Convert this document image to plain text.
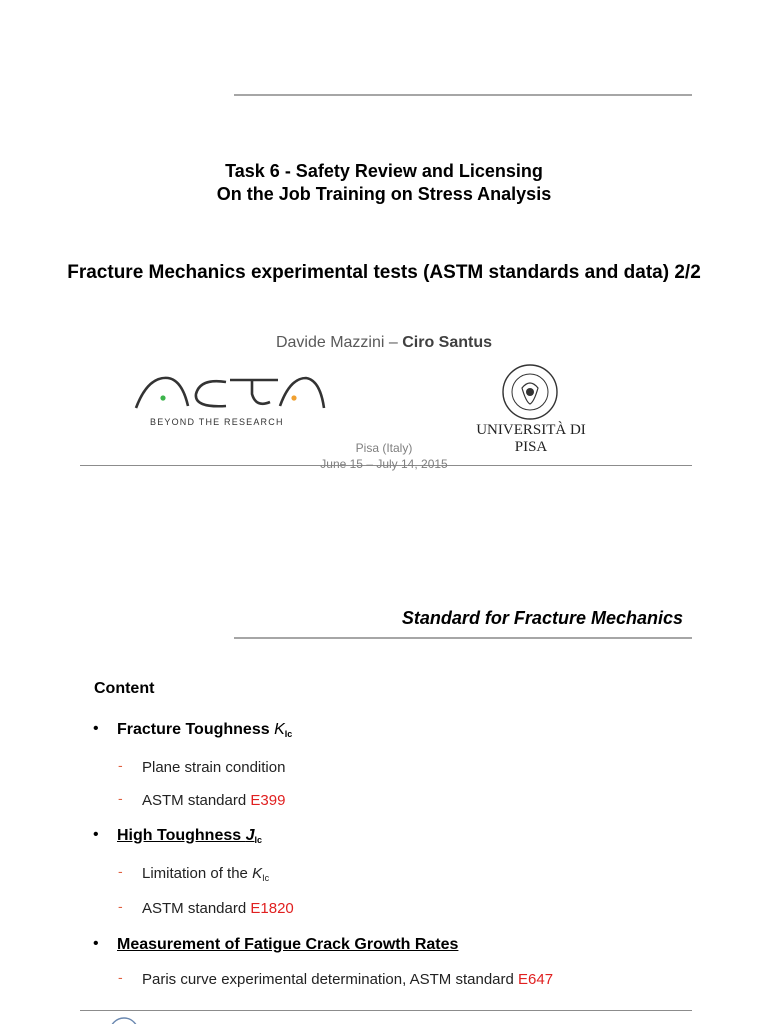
Task 6 - Safety Review and Licensing
On the Job Training on Stress Analysis
Fracture Mechanics experimental tests (ASTM standards and data) 2/2
Davide Mazzini – Ciro Santus
BEYOND THE RESEARCH	UNIVERSITÀ DI PISA
Pisa (Italy)
June 15 – July 14, 2015
Standard for Fracture Mechanics
Content
• Fracture Toughness $K_{Ic}$
- Plane strain condition
- ASTM standard E399
• High Toughness $J_{Ic}$
- Limitation of the $K_{Ic}$
- ASTM standard E1820
• Measurement of Fatigue Crack Growth Rates
- Paris curve experimental determination, ASTM standard E647
